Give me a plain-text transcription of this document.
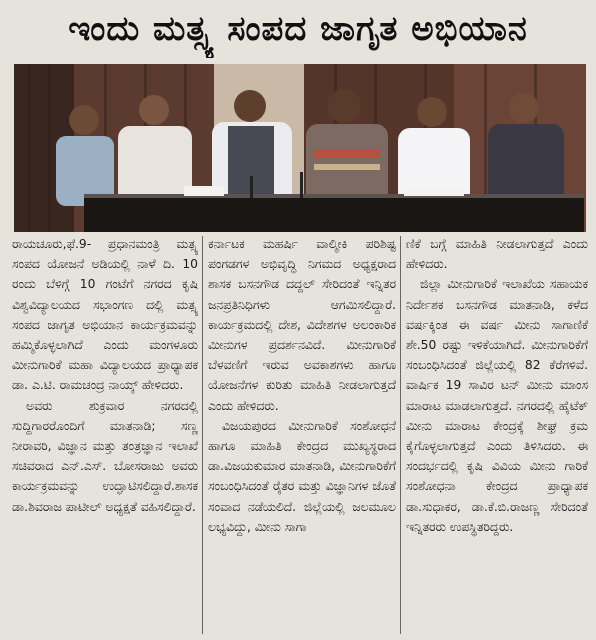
ಇಂದು ಮತ್ಸ್ಯ ಸಂಪದ ಜಾಗೃತ ಅಭಿಯಾನ

ರಾಯಚೂರು,ಫೆ.9- ಪ್ರಧಾನಮಂತ್ರಿ ಮತ್ಸ್ಯ ಸಂಪದ ಯೋಜನೆ ಅಡಿಯಲ್ಲಿ ನಾಳೆ ದಿ. 10 ರಂದು ಬೆಳಿಗ್ಗೆ 10 ಗಂಟೆಗೆ ನಗರದ ಕೃಷಿ ವಿಶ್ವವಿದ್ಯಾಲಯದ ಸಭಾಂಗಣ ದಲ್ಲಿ ಮತ್ಸ್ಯ ಸಂಪದ ಜಾಗೃತ ಅಭಿಯಾನ ಕಾರ್ಯಕ್ರಮವನ್ನು ಹಮ್ಮಿಕೊಳ್ಳಲಾಗಿದೆ ಎಂದು ಮಂಗಳೂರು ಮೀನುಗಾರಿಕೆ ಮಹಾ ವಿದ್ಯಾಲಯದ ಪ್ರಾಧ್ಯಾಪಕ ಡಾ. ಎ.ಟಿ. ರಾಮಚಂದ್ರ ನಾಯ್ಕ್ ಹೇಳಿದರು.

ಅವರು ಶುಕ್ರವಾರ ನಗರದಲ್ಲಿ ಸುದ್ದಿಗಾರರೊಂದಿಗೆ ಮಾತನಾಡಿ; ಸಣ್ಣ ನೀರಾವರಿ, ವಿಜ್ಞಾನ ಮತ್ತು ತಂತ್ರಜ್ಞಾನ ಇಲಾಖೆ ಸಚಿವರಾದ ಎನ್.ಎಸ್. ಬೋಸರಾಜು ಅವರು ಕಾರ್ಯಕ್ರಮವನ್ನು ಉದ್ಘಾಟಿಸಲಿದ್ದಾರೆ.ಶಾಸಕ ಡಾ.ಶಿವರಾಜ ಪಾಟೀಲ್ ಅಧ್ಯಕ್ಷತೆ ವಹಿಸಲಿದ್ದಾರೆ.

ಕರ್ನಾಟಕ ಮಹರ್ಷಿ ವಾಲ್ಮೀಕಿ ಪರಿಶಿಷ್ಟ ಪಂಗಡಗಳ ಅಭಿವೃದ್ಧಿ ನಿಗಮದ ಅಧ್ಯಕ್ಷರಾದ ಶಾಸಕ ಬಸನಗೌಡ ದದ್ದಲ್ ಸೇರಿದಂತೆ ಇನ್ನಿತರ ಜನಪ್ರತಿನಿಧಿಗಳು ಆಗಮಿಸಲಿದ್ದಾರೆ. ಕಾರ್ಯಕ್ರಮದಲ್ಲಿ ದೇಶ, ವಿದೇಶಗಳ ಅಲಂಕಾರಿಕ ಮೀನುಗಳ ಪ್ರದರ್ಶನವಿದೆ. ಮೀನುಗಾರಿಕೆ ಬೆಳವಣಿಗೆ ಇರುವ ಅವಕಾಶಗಳು ಹಾಗೂ ಯೋಜನೆಗಳ ಕುರಿತು ಮಾಹಿತಿ ನೀಡಲಾಗುತ್ತದೆ ಎಂದು ಹೇಳಿದರು.

ವಿಜಯಪುರದ ಮೀನುಗಾರಿಕೆ ಸಂಶೋಧನೆ ಹಾಗೂ ಮಾಹಿತಿ ಕೇಂದ್ರದ ಮುಖ್ಯಸ್ಥರಾದ ಡಾ.ವಿಜಯಕುಮಾರ ಮಾತನಾಡಿ, ಮೀನುಗಾರಿಕೆಗೆ ಸಂಬಂಧಿಸಿದಂತೆ ರೈತರ ಮತ್ತು ವಿಜ್ಞಾನಿಗಳ ಜೊತೆ ಸಂವಾದ ನಡೆಯಲಿದೆ. ಜಿಲ್ಲೆಯಲ್ಲಿ ಜಲಮೂಲ ಲಭ್ಯವಿದ್ದು, ಮೀನು ಸಾಗಾ

ಣಿಕೆ ಬಗ್ಗೆ ಮಾಹಿತಿ ನೀಡಲಾಗುತ್ತದೆ ಎಂದು ಹೇಳಿದರು.

ಜಿಲ್ಲಾ ಮೀನುಗಾರಿಕೆ ಇಲಾಖೆಯ ಸಹಾಯಕ ನಿರ್ದೇಶಕ ಬಸನಗೌಡ ಮಾತನಾಡಿ, ಕಳೆದ ವರ್ಷಕ್ಕಿಂತ ಈ ವರ್ಷ ಮೀನು ಸಾಗಾಣಿಕೆ ಶೇ.50 ರಷ್ಟು ಇಳಿಕೆಯಾಗಿದೆ. ಮೀನುಗಾರಿಕೆಗೆ ಸಂಬಂಧಿಸಿದಂತೆ ಜಿಲ್ಲೆಯಲ್ಲಿ 82 ಕೆರೆಗಳಿವೆ. ವಾರ್ಷಿಕ 19 ಸಾವಿರ ಟನ್ ಮೀನು ಮಾಂಸ ಮಾರಾಟ ಮಾಡಲಾಗುತ್ತದೆ. ನಗರದಲ್ಲಿ ಹೈಟೆಕ್ ಮೀನು ಮಾರಾಟ ಕೇಂದ್ರಕ್ಕೆ ಶೀಘ್ರ ಕ್ರಮ ಕೈಗೊಳ್ಳಲಾಗುತ್ತದೆ ಎಂದು ತಿಳಿಸಿದರು. ಈ ಸಂದರ್ಭದಲ್ಲಿ ಕೃಷಿ ವಿವಿಯ ಮೀನು ಗಾರಿಕೆ ಸಂಶೋಧನಾ ಕೇಂದ್ರದ ಪ್ರಾಧ್ಯಾಪಕ ಡಾ.ಸುಧಾಕರ, ಡಾ.ಕೆ.ಬಿ.ರಾಜಣ್ಣ ಸೇರಿದಂತೆ ಇನ್ನಿತರರು ಉಪಸ್ಥಿತರಿದ್ದರು.
